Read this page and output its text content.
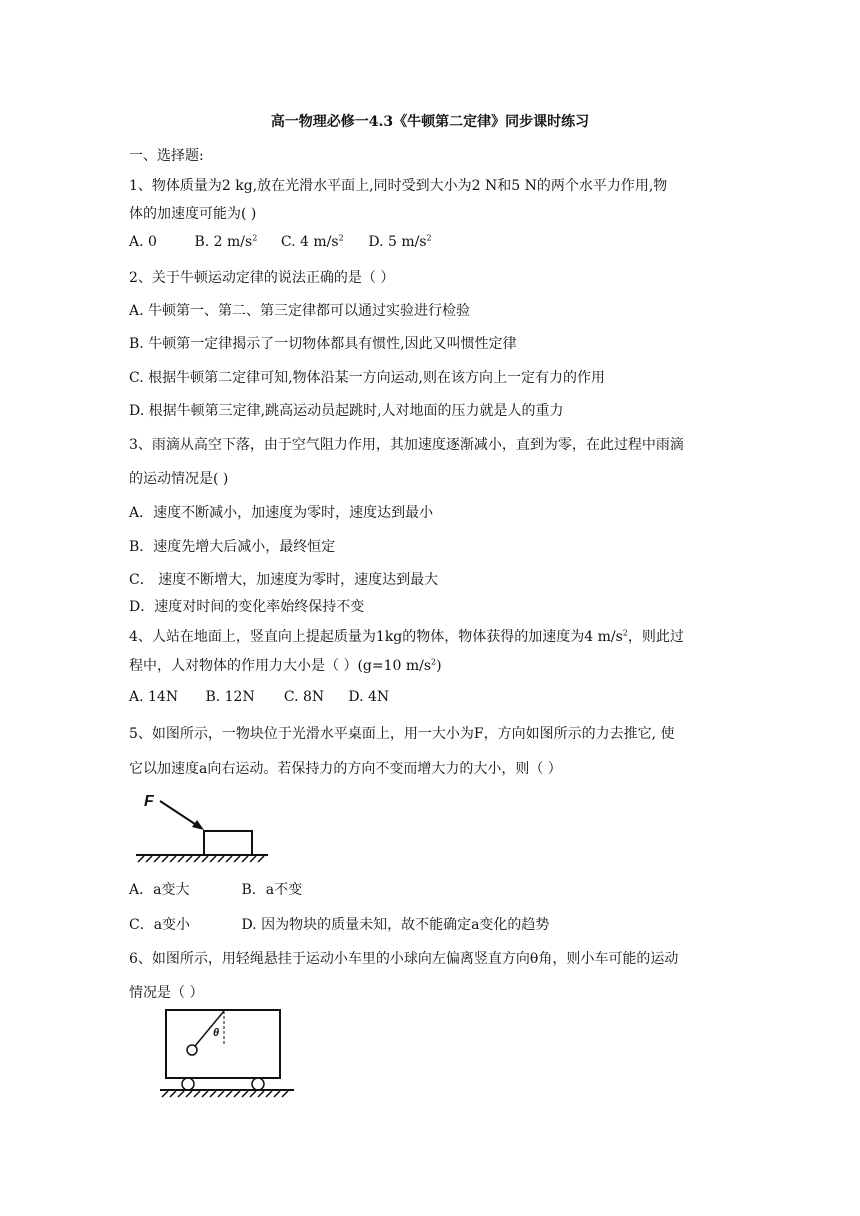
高一物理必修一4.3《牛顿第二定律》同步课时练习
一、选择题:
1、物体质量为2 kg,放在光滑水平面上,同时受到大小为2 N和5 N的两个水平力作用,物
体的加速度可能为( )
A. 0	B. 2 $m/s^2$ C. 4 $m/s^2$ D. 5 $m/s^2$
2、关于牛顿运动定律的说法正确的是（ ）
A. 牛顿第一、第二、第三定律都可以通过实验进行检验
B. 牛顿第一定律揭示了一切物体都具有惯性,因此又叫惯性定律
C. 根据牛顿第二定律可知,物体沿某一方向运动,则在该方向上一定有力的作用
D. 根据牛顿第三定律,跳高运动员起跳时,人对地面的压力就是人的重力
3、雨滴从高空下落，由于空气阻力作用，其加速度逐渐减小，直到为零，在此过程中雨滴
的运动情况是( )
A．速度不断减小，加速度为零时，速度达到最小
B．速度先增大后减小，最终恒定
C． 速度不断增大，加速度为零时，速度达到最大
D．速度对时间的变化率始终保持不变
4、人站在地面上，竖直向上提起质量为1kg的物体，物体获得的加速度为4 $m/s^2$，则此过
程中，人对物体的作用力大小是（ ）(g=10 $m/s^2$)
A. 14N B. 12N C. 8N D. 4N
5、如图所示，一物块位于光滑水平桌面上，用一大小为F，方向如图所示的力去推它, 使
它以加速度a向右运动。若保持力的方向不变而增大力的大小，则（ ）
F
A．a变大	B．a不变
C．a变小	D. 因为物块的质量未知，故不能确定a变化的趋势
6、如图所示，用轻绳悬挂于运动小车里的小球向左偏离竖直方向θ角，则小车可能的运动
情况是（ ）
θ
